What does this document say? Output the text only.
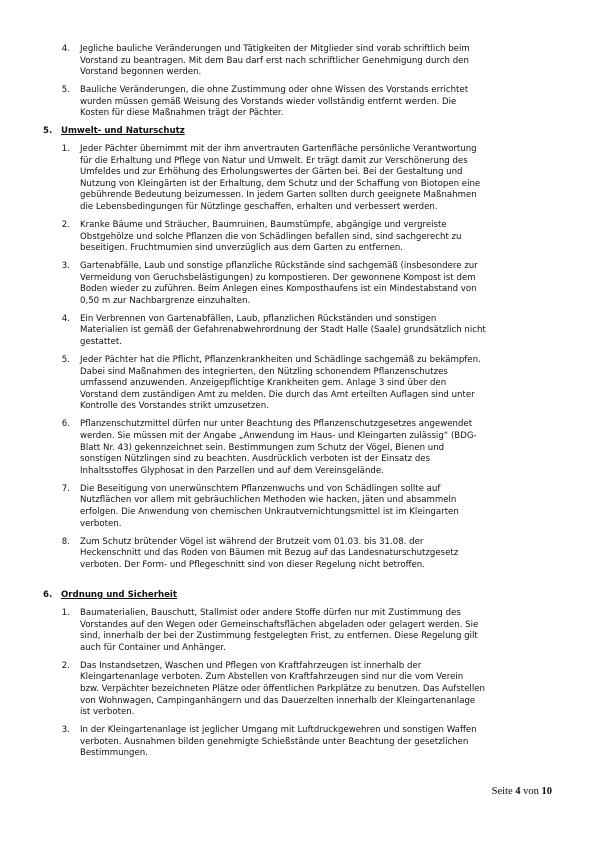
4.	Jegliche bauliche Veränderungen und Tätigkeiten der Mitglieder sind vorab schriftlich beim
Vorstand zu beantragen. Mit dem Bau darf erst nach schriftlicher Genehmigung durch den
Vorstand begonnen werden.
5.	Bauliche Veränderungen, die ohne Zustimmung oder ohne Wissen des Vorstands errichtet
wurden müssen gemäß Weisung des Vorstands wieder vollständig entfernt werden. Die
Kosten für diese Maßnahmen trägt der Pächter.
5. Umwelt- und Naturschutz
1.	Jeder Pächter übernimmt mit der ihm anvertrauten Gartenfläche persönliche Verantwortung
für die Erhaltung und Pflege von Natur und Umwelt. Er trägt damit zur Verschönerung des
Umfeldes und zur Erhöhung des Erholungswertes der Gärten bei. Bei der Gestaltung und
Nutzung von Kleingärten ist der Erhaltung, dem Schutz und der Schaffung von Biotopen eine
gebührende Bedeutung beizumessen. In jedem Garten sollten durch geeignete Maßnahmen
die Lebensbedingungen für Nützlinge geschaffen, erhalten und verbessert werden.
2.	Kranke Bäume und Sträucher, Baumruinen, Baumstümpfe, abgängige und vergreiste
Obstgehölze und solche Pflanzen die von Schädlingen befallen sind, sind sachgerecht zu
beseitigen. Fruchtmumien sind unverzüglich aus dem Garten zu entfernen.
3.	Gartenabfälle, Laub und sonstige pflanzliche Rückstände sind sachgemäß (insbesondere zur
Vermeidung von Geruchsbelästigungen) zu kompostieren. Der gewonnene Kompost ist dem
Boden wieder zu zuführen. Beim Anlegen eines Komposthaufens ist ein Mindestabstand von
0,50 m zur Nachbargrenze einzuhalten.
4.	Ein Verbrennen von Gartenabfällen, Laub, pflanzlichen Rückständen und sonstigen
Materialien ist gemäß der Gefahrenabwehrordnung der Stadt Halle (Saale) grundsätzlich nicht
gestattet.
5.	Jeder Pächter hat die Pflicht, Pflanzenkrankheiten und Schädlinge sachgemäß zu bekämpfen.
Dabei sind Maßnahmen des integrierten, den Nützling schonendem Pflanzenschutzes
umfassend anzuwenden. Anzeigepflichtige Krankheiten gem. Anlage 3 sind über den
Vorstand dem zuständigen Amt zu melden. Die durch das Amt erteilten Auflagen sind unter
Kontrolle des Vorstandes strikt umzusetzen.
6.	Pflanzenschutzmittel dürfen nur unter Beachtung des Pflanzenschutzgesetzes angewendet
werden. Sie müssen mit der Angabe „Anwendung im Haus- und Kleingarten zulässig“ (BDG-
Blatt Nr. 43) gekennzeichnet sein. Bestimmungen zum Schutz der Vögel, Bienen und
sonstigen Nützlingen sind zu beachten. Ausdrücklich verboten ist der Einsatz des
Inhaltsstoffes Glyphosat in den Parzellen und auf dem Vereinsgelände.
7.	Die Beseitigung von unerwünschtem Pflanzenwuchs und von Schädlingen sollte auf
Nutzflächen vor allem mit gebräuchlichen Methoden wie hacken, jäten und absammeln
erfolgen. Die Anwendung von chemischen Unkrautvernichtungsmittel ist im Kleingarten
verboten.
8.	Zum Schutz brütender Vögel ist während der Brutzeit vom 01.03. bis 31.08. der
Heckenschnitt und das Roden von Bäumen mit Bezug auf das Landesnaturschutzgesetz
verboten. Der Form- und Pflegeschnitt sind von dieser Regelung nicht betroffen.
6. Ordnung und Sicherheit
1.	Baumaterialien, Bauschutt, Stallmist oder andere Stoffe dürfen nur mit Zustimmung des
Vorstandes auf den Wegen oder Gemeinschaftsflächen abgeladen oder gelagert werden. Sie
sind, innerhalb der bei der Zustimmung festgelegten Frist, zu entfernen. Diese Regelung gilt
auch für Container und Anhänger.
2.	Das Instandsetzen, Waschen und Pflegen von Kraftfahrzeugen ist innerhalb der
Kleingartenanlage verboten. Zum Abstellen von Kraftfahrzeugen sind nur die vom Verein
bzw. Verpächter bezeichneten Plätze oder öffentlichen Parkplätze zu benutzen. Das Aufstellen
von Wohnwagen, Campinganhängern und das Dauerzelten innerhalb der Kleingartenanlage
ist verboten.
3.	In der Kleingartenanlage ist jeglicher Umgang mit Luftdruckgewehren und sonstigen Waffen
verboten. Ausnahmen bilden genehmigte Schießstände unter Beachtung der gesetzlichen
Bestimmungen.
Seite 4 von 10
